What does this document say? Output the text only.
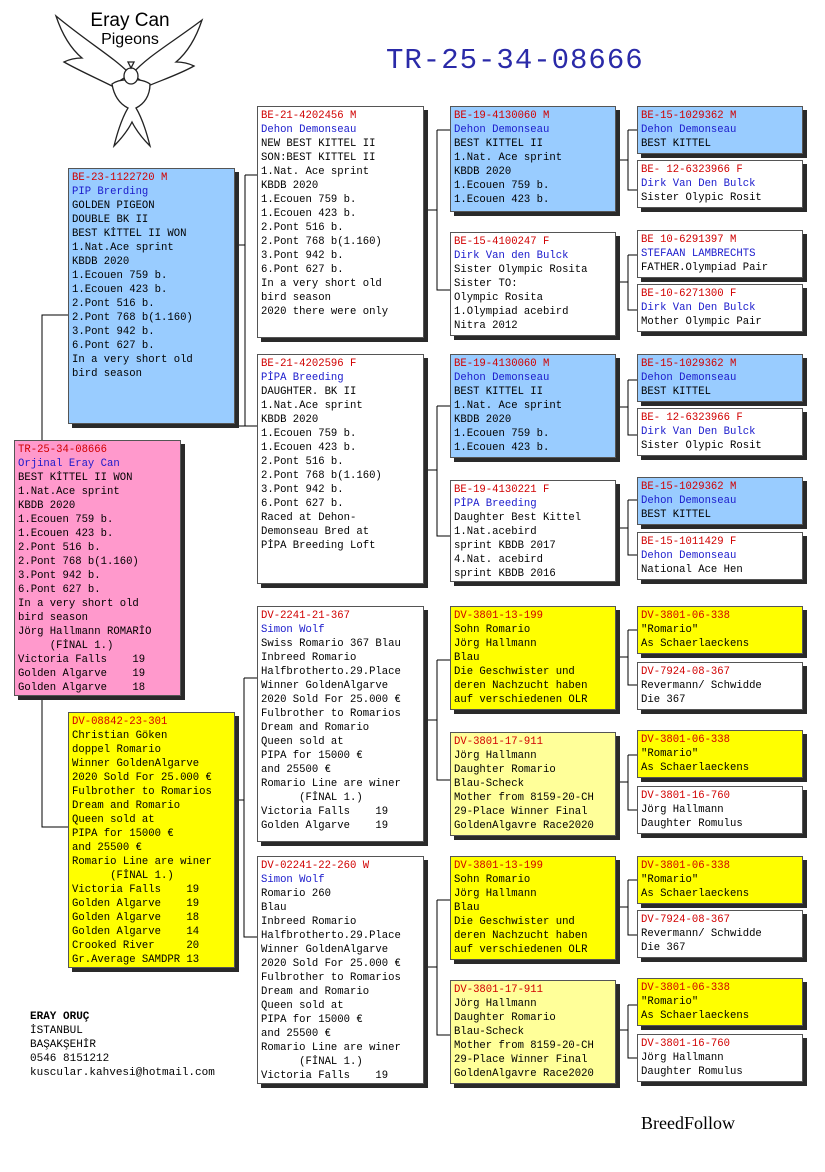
Eray Can
Pigeons
TR-25-34-08666
TR-25-34-08666
Orjinal Eray Can
BEST KİTTEL II WON
1.Nat.Ace sprint
KBDB 2020
1.Ecouen 759 b.
1.Ecouen 423 b.
2.Pont 516 b.
2.Pont 768 b(1.160)
3.Pont 942 b.
6.Pont 627 b.
In a very short old
bird season
Jörg Hallmann ROMARİO
(FİNAL 1.)
Victoria Falls    19
Golden Algarve    19
Golden Algarve    18
BE-23-1122720 M
PIP Brerding
GOLDEN PIGEON
DOUBLE BK II
BEST KİTTEL II WON
1.Nat.Ace sprint
KBDB 2020
1.Ecouen 759 b.
1.Ecouen 423 b.
2.Pont 516 b.
2.Pont 768 b(1.160)
3.Pont 942 b.
6.Pont 627 b.
In a very short old
bird season
DV-08842-23-301
Christian Göken
doppel Romario
Winner GoldenAlgarve
2020 Sold For 25.000 €
Fulbrother to Romarios
Dream and Romario
Queen sold at
PIPA for 15000 €
and 25500 €
Romario Line are winer
(FİNAL 1.)
Victoria Falls    19
Golden Algarve    19
Golden Algarve    18
Golden Algarve    14
Crooked River     20
Gr.Average SAMDPR 13
BE-21-4202456 M
Dehon Demonseau
NEW BEST KITTEL II
SON:BEST KITTEL II
1.Nat. Ace sprint
KBDB 2020
1.Ecouen 759 b.
1.Ecouen 423 b.
2.Pont 516 b.
2.Pont 768 b(1.160)
3.Pont 942 b.
6.Pont 627 b.
In a very short old
bird season
2020 there were only
BE-21-4202596 F
PİPA Breeding
DAUGHTER. BK II
1.Nat.Ace sprint
KBDB 2020
1.Ecouen 759 b.
1.Ecouen 423 b.
2.Pont 516 b.
2.Pont 768 b(1.160)
3.Pont 942 b.
6.Pont 627 b.
Raced at Dehon-
Demonseau Bred at
PİPA Breeding Loft
DV-2241-21-367
Simon Wolf
Swiss Romario 367 Blau
Inbreed Romario
Halfbrotherto.29.Place
Winner GoldenAlgarve
2020 Sold For 25.000 €
Fulbrother to Romarios
Dream and Romario
Queen sold at
PIPA for 15000 €
and 25500 €
Romario Line are winer
(FİNAL 1.)
Victoria Falls    19
Golden Algarve    19
DV-02241-22-260 W
Simon Wolf
Romario 260
Blau
Inbreed Romario
Halfbrotherto.29.Place
Winner GoldenAlgarve
2020 Sold For 25.000 €
Fulbrother to Romarios
Dream and Romario
Queen sold at
PIPA for 15000 €
and 25500 €
Romario Line are winer
(FİNAL 1.)
Victoria Falls    19
BE-19-4130060 M
Dehon Demonseau
BEST KITTEL II
1.Nat. Ace sprint
KBDB 2020
1.Ecouen 759 b.
1.Ecouen 423 b.
BE-15-4100247 F
Dirk Van den Bulck
Sister Olympic Rosita
Sister TO:
Olympic Rosita
1.Olympiad acebird
Nitra 2012
BE-19-4130060 M
Dehon Demonseau
BEST KITTEL II
1.Nat. Ace sprint
KBDB 2020
1.Ecouen 759 b.
1.Ecouen 423 b.
BE-19-4130221 F
PİPA Breeding
Daughter Best Kittel
1.Nat.acebird
sprint KBDB 2017
4.Nat. acebird
sprint KBDB 2016
DV-3801-13-199
Sohn Romario
Jörg Hallmann
Blau
Die Geschwister und
deren Nachzucht haben
auf verschiedenen OLR
DV-3801-17-911
Jörg Hallmann
Daughter Romario
Blau-Scheck
Mother from 8159-20-CH
29-Place Winner Final
GoldenAlgavre Race2020
DV-3801-13-199
Sohn Romario
Jörg Hallmann
Blau
Die Geschwister und
deren Nachzucht haben
auf verschiedenen OLR
DV-3801-17-911
Jörg Hallmann
Daughter Romario
Blau-Scheck
Mother from 8159-20-CH
29-Place Winner Final
GoldenAlgavre Race2020
BE-15-1029362 M
Dehon Demonseau
BEST KITTEL
BE- 12-6323966 F
Dirk Van Den Bulck
Sister Olypic Rosit
BE 10-6291397 M
STEFAAN LAMBRECHTS
FATHER.Olympiad Pair
BE-10-6271300 F
Dirk Van Den Bulck
Mother Olympic Pair
BE-15-1029362 M
Dehon Demonseau
BEST KITTEL
BE- 12-6323966 F
Dirk Van Den Bulck
Sister Olypic Rosit
BE-15-1029362 M
Dehon Demonseau
BEST KITTEL
BE-15-1011429 F
Dehon Demonseau
National Ace Hen
DV-3801-06-338
"Romario"
As Schaerlaeckens
DV-7924-08-367
Revermann/ Schwidde
Die 367
DV-3801-06-338
"Romario"
As Schaerlaeckens
DV-3801-16-760
Jörg Hallmann
Daughter Romulus
DV-3801-06-338
"Romario"
As Schaerlaeckens
DV-7924-08-367
Revermann/ Schwidde
Die 367
DV-3801-06-338
"Romario"
As Schaerlaeckens
DV-3801-16-760
Jörg Hallmann
Daughter Romulus
ERAY ORUÇ
İSTANBUL
BAŞAKŞEHİR
0546 8151212
kuscular.kahvesi@hotmail.com
BreedFollow
